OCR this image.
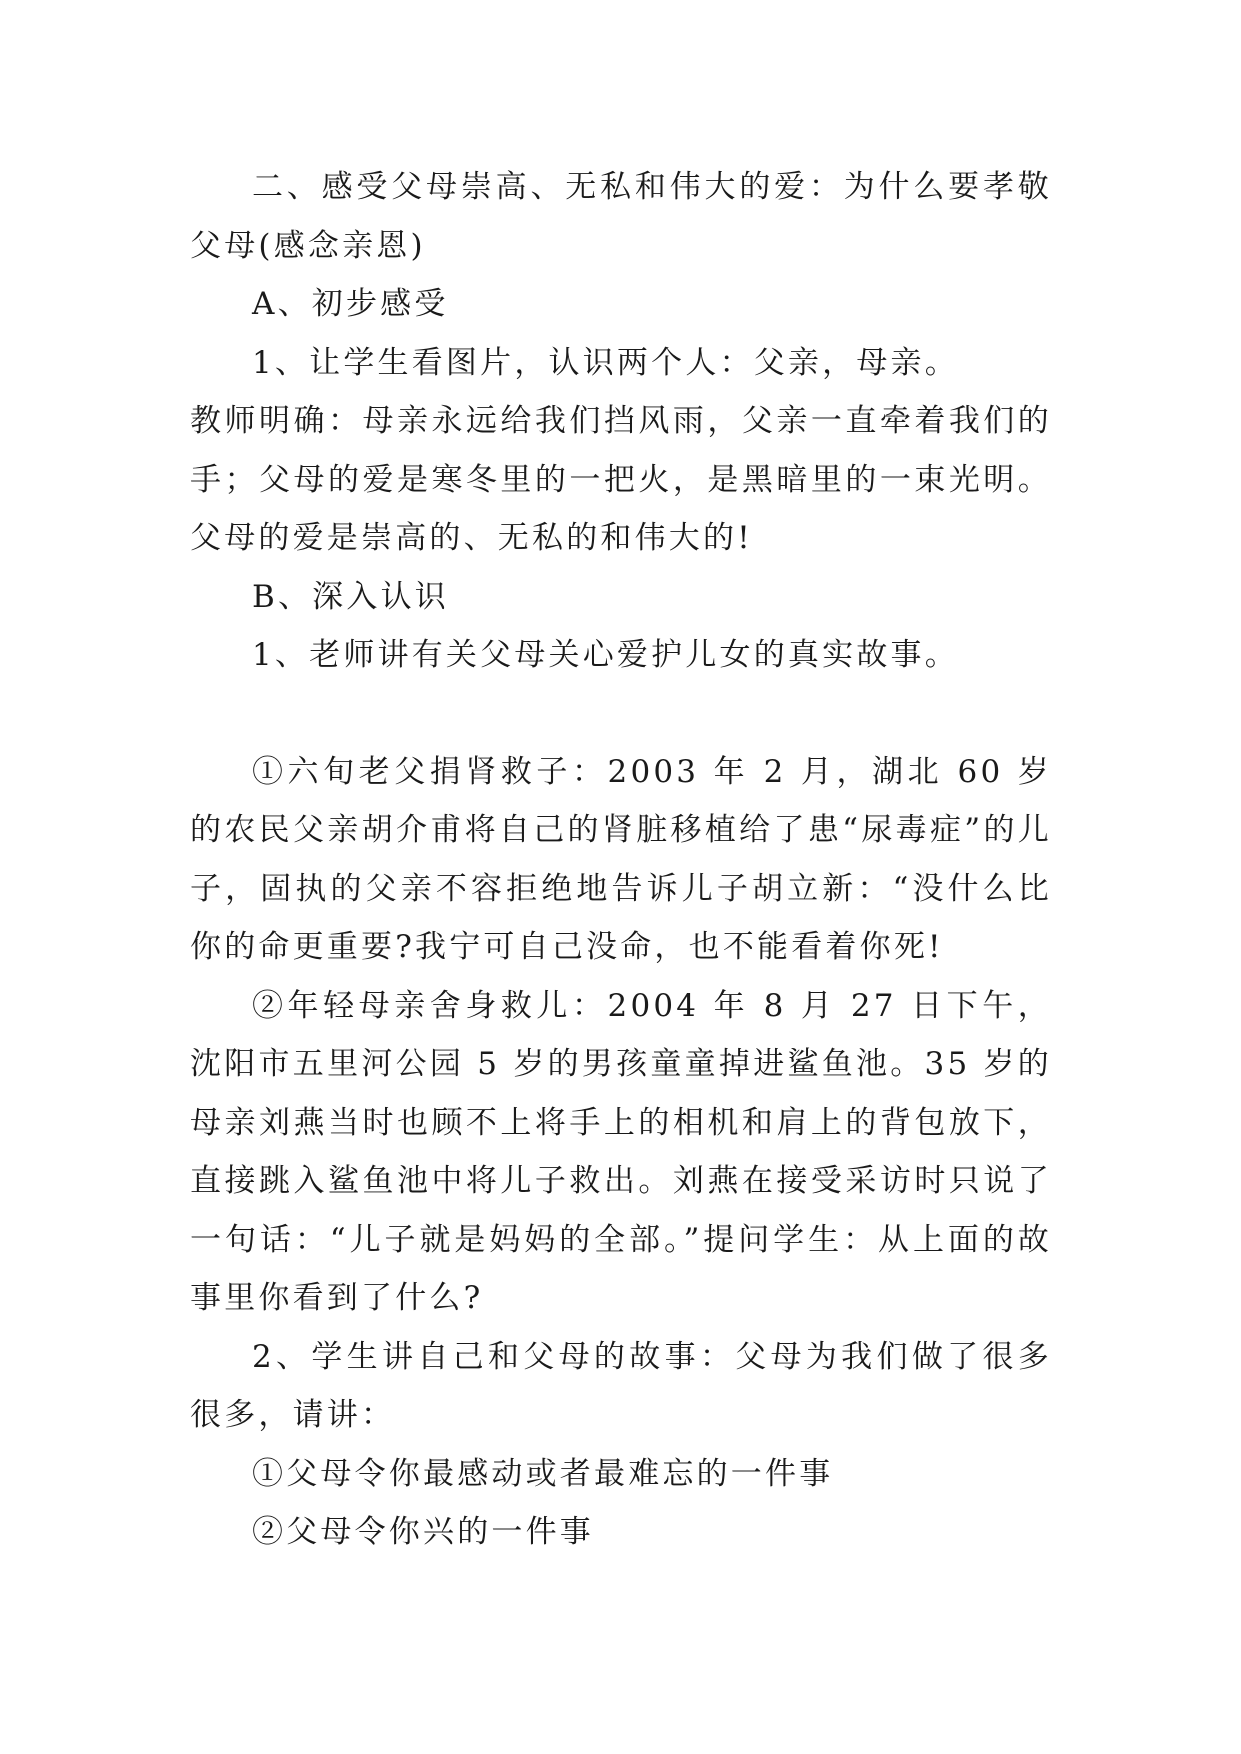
二、感受父母崇高、无私和伟大的爱：为什么要孝敬父母(感念亲恩)

A、初步感受

1、让学生看图片，认识两个人：父亲，母亲。

教师明确：母亲永远给我们挡风雨，父亲一直牵着我们的手；父母的爱是寒冬里的一把火，是黑暗里的一束光明。父母的爱是崇高的、无私的和伟大的!

B、深入认识

1、老师讲有关父母关心爱护儿女的真实故事。

①六旬老父捐肾救子：2003 年 2 月，湖北 60 岁的农民父亲胡介甫将自己的肾脏移植给了患“尿毒症”的儿子，固执的父亲不容拒绝地告诉儿子胡立新：“没什么比你的命更重要?我宁可自己没命，也不能看着你死!

②年轻母亲舍身救儿：2004 年 8 月 27 日下午，沈阳市五里河公园 5 岁的男孩童童掉进鲨鱼池。35 岁的母亲刘燕当时也顾不上将手上的相机和肩上的背包放下，直接跳入鲨鱼池中将儿子救出。刘燕在接受采访时只说了一句话：“儿子就是妈妈的全部。”提问学生：从上面的故事里你看到了什么?

2、学生讲自己和父母的故事：父母为我们做了很多很多，请讲：

①父母令你最感动或者最难忘的一件事

②父母令你兴的一件事
